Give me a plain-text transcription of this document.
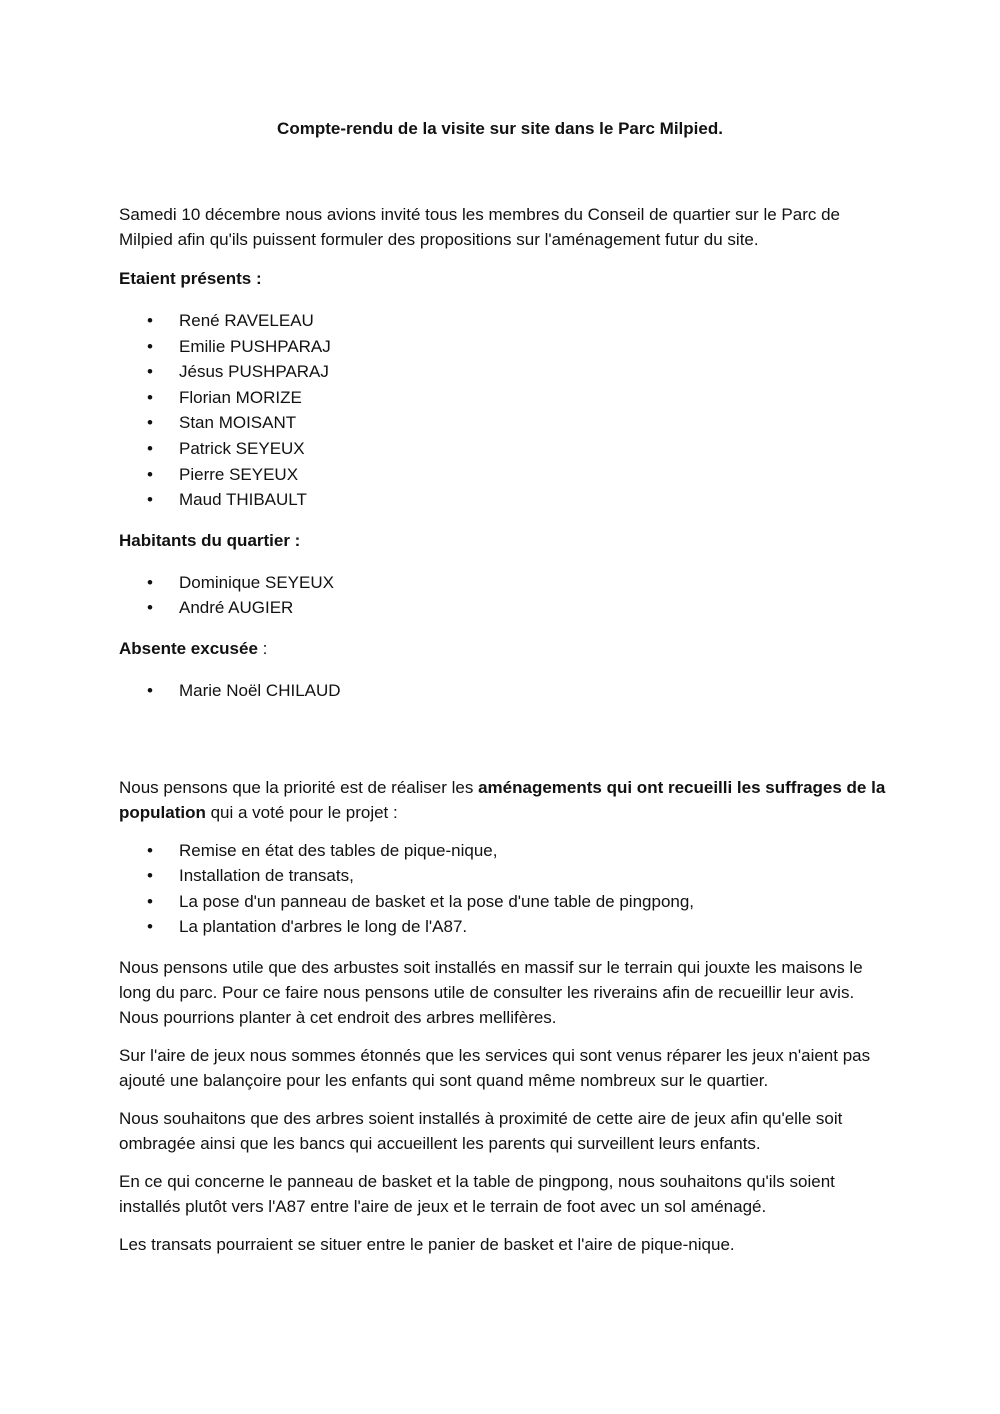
Compte-rendu de la visite sur site dans le Parc Milpied.

Samedi 10 décembre nous avions invité tous les membres du Conseil de quartier sur le Parc de Milpied afin qu'ils puissent formuler des propositions sur l'aménagement futur du site.

Etaient présents :

• René RAVELEAU
• Emilie PUSHPARAJ
• Jésus PUSHPARAJ
• Florian MORIZE
• Stan MOISANT
• Patrick SEYEUX
• Pierre SEYEUX
• Maud THIBAULT

Habitants du quartier :

• Dominique SEYEUX
• André AUGIER

Absente excusée :

• Marie Noël CHILAUD

Nous pensons que la priorité est de réaliser les aménagements qui ont recueilli les suffrages de la population qui a voté pour le projet :

• Remise en état des tables de pique-nique,
• Installation de transats,
• La pose d'un panneau de basket et la pose d'une table de pingpong,
• La plantation d'arbres le long de l'A87.

Nous pensons utile que des arbustes soit installés en massif sur le terrain qui jouxte les maisons le long du parc. Pour ce faire nous pensons utile de consulter les riverains afin de recueillir leur avis. Nous pourrions planter à cet endroit des arbres mellifères.

Sur l'aire de jeux nous sommes étonnés que les services qui sont venus réparer les jeux n'aient pas ajouté une balançoire pour les enfants qui sont quand même nombreux sur le quartier.

Nous souhaitons que des arbres soient installés à proximité de cette aire de jeux afin qu'elle soit ombragée ainsi que les bancs qui accueillent les parents qui surveillent leurs enfants.

En ce qui concerne le panneau de basket et la table de pingpong, nous souhaitons qu'ils soient installés plutôt vers l'A87 entre l'aire de jeux et le terrain de foot avec un sol aménagé.

Les transats pourraient se situer entre le panier de basket et l'aire de pique-nique.
